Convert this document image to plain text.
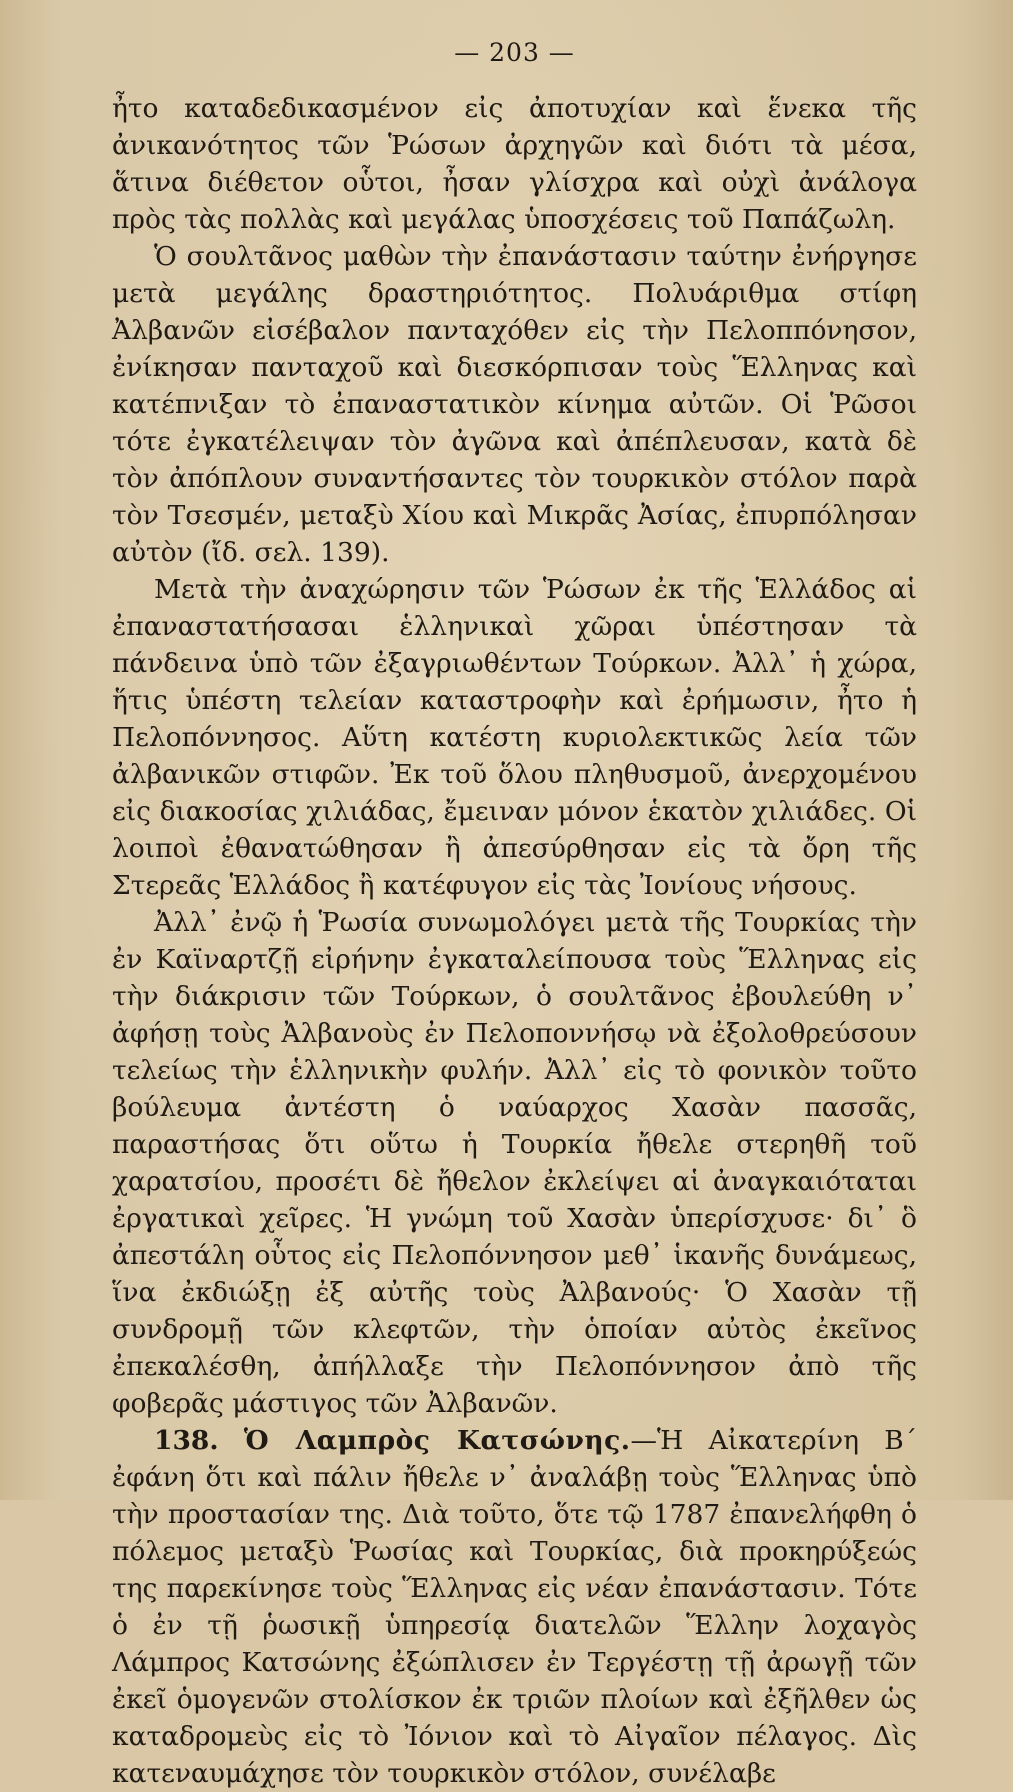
— 203 —

ἦτο καταδεδικασμένον εἰς ἀποτυχίαν καὶ ἕνεκα τῆς ἀνικανότητος τῶν Ῥώσων ἀρχηγῶν καὶ διότι τὰ μέσα, ἅτινα διέθετον οὗτοι, ἦσαν γλίσχρα καὶ οὐχὶ ἀνάλογα πρὸς τὰς πολλὰς καὶ μεγάλας ὑποσχέσεις τοῦ Παπάζωλη.

Ὁ σουλτᾶνος μαθὼν τὴν ἐπανάστασιν ταύτην ἐνήργησε μετὰ μεγάλης δραστηριότητος. Πολυάριθμα στίφη Ἀλβανῶν εἰσέβαλον πανταχόθεν εἰς τὴν Πελοππόνησον, ἐνίκησαν πανταχοῦ καὶ διεσκόρπισαν τοὺς Ἕλληνας καὶ κατέπνιξαν τὸ ἐπαναστατικὸν κίνημα αὐτῶν. Οἱ Ῥῶσοι τότε ἐγκατέλειψαν τὸν ἀγῶνα καὶ ἀπέπλευσαν, κατὰ δὲ τὸν ἀπόπλουν συναντήσαντες τὸν τουρκικὸν στόλον παρὰ τὸν Τσεσμέν, μεταξὺ Χίου καὶ Μικρᾶς Ἀσίας, ἐπυρπόλησαν αὐτὸν (ἴδ. σελ. 139).

Μετὰ τὴν ἀναχώρησιν τῶν Ῥώσων ἐκ τῆς Ἑλλάδος αἱ ἐπαναστατήσασαι ἑλληνικαὶ χῶραι ὑπέστησαν τὰ πάνδεινα ὑπὸ τῶν ἐξαγριωθέντων Τούρκων. Ἀλλ᾿ ἡ χώρα, ἥτις ὑπέστη τελείαν καταστροφὴν καὶ ἐρήμωσιν, ἦτο ἡ Πελοπόννησος. Αὕτη κατέστη κυριολεκτικῶς λεία τῶν ἀλβανικῶν στιφῶν. Ἐκ τοῦ ὅλου πληθυσμοῦ, ἀνερχομένου εἰς διακοσίας χιλιάδας, ἔμειναν μόνον ἑκατὸν χιλιάδες. Οἱ λοιποὶ ἐθανατώθησαν ἢ ἀπεσύρθησαν εἰς τὰ ὄρη τῆς Στερεᾶς Ἑλλάδος ἢ κατέφυγον εἰς τὰς Ἰονίους νήσους.

Ἀλλ᾿ ἐνῷ ἡ Ῥωσία συνωμολόγει μετὰ τῆς Τουρκίας τὴν ἐν Καϊναρτζῇ εἰρήνην ἐγκαταλείπουσα τοὺς Ἕλληνας εἰς τὴν διάκρισιν τῶν Τούρκων, ὁ σουλτᾶνος ἐβουλεύθη ν᾿ ἀφήσῃ τοὺς Ἀλβανοὺς ἐν Πελοποννήσῳ νὰ ἐξολοθρεύσουν τελείως τὴν ἑλληνικὴν φυλήν. Ἀλλ᾿ εἰς τὸ φονικὸν τοῦτο βούλευμα ἀντέστη ὁ ναύαρχος Χασὰν πασσᾶς, παραστήσας ὅτι οὕτω ἡ Τουρκία ἤθελε στερηθῆ τοῦ χαρατσίου, προσέτι δὲ ἤθελον ἐκλείψει αἱ ἀναγκαιόταται ἐργατικαὶ χεῖρες. Ἡ γνώμη τοῦ Χασὰν ὑπερίσχυσε· δι᾿ ὃ ἀπεστάλη οὗτος εἰς Πελοπόννησον μεθ᾿ ἱκανῆς δυνάμεως, ἵνα ἐκδιώξῃ ἐξ αὐτῆς τοὺς Ἀλβανούς· Ὁ Χασὰν τῇ συνδρομῇ τῶν κλεφτῶν, τὴν ὁποίαν αὐτὸς ἐκεῖνος ἐπεκαλέσθη, ἀπήλλαξε τὴν Πελοπόννησον ἀπὸ τῆς φοβερᾶς μάστιγος τῶν Ἀλβανῶν.

138. Ὁ Λαμπρὸς Κατσώνης.—Ἡ Αἰκατερίνη Β´ ἐφάνη ὅτι καὶ πάλιν ἤθελε ν᾿ ἀναλάβῃ τοὺς Ἕλληνας ὑπὸ τὴν προστασίαν της. Διὰ τοῦτο, ὅτε τῷ 1787 ἐπανελήφθη ὁ πόλεμος μεταξὺ Ῥωσίας καὶ Τουρκίας, διὰ προκηρύξεώς της παρεκίνησε τοὺς Ἕλληνας εἰς νέαν ἐπανάστασιν. Τότε ὁ ἐν τῇ ῥωσικῇ ὑπηρεσίᾳ διατελῶν Ἕλλην λοχαγὸς Λάμπρος Κατσώνης ἐξώπλισεν ἐν Τεργέστῃ τῇ ἀρωγῇ τῶν ἐκεῖ ὁμογενῶν στολίσκον ἐκ τριῶν πλοίων καὶ ἐξῆλθεν ὡς καταδρομεὺς εἰς τὸ Ἰόνιον καὶ τὸ Αἰγαῖον πέλαγος. Δὶς κατεναυμάχησε τὸν τουρκικὸν στόλον, συνέλαβε
